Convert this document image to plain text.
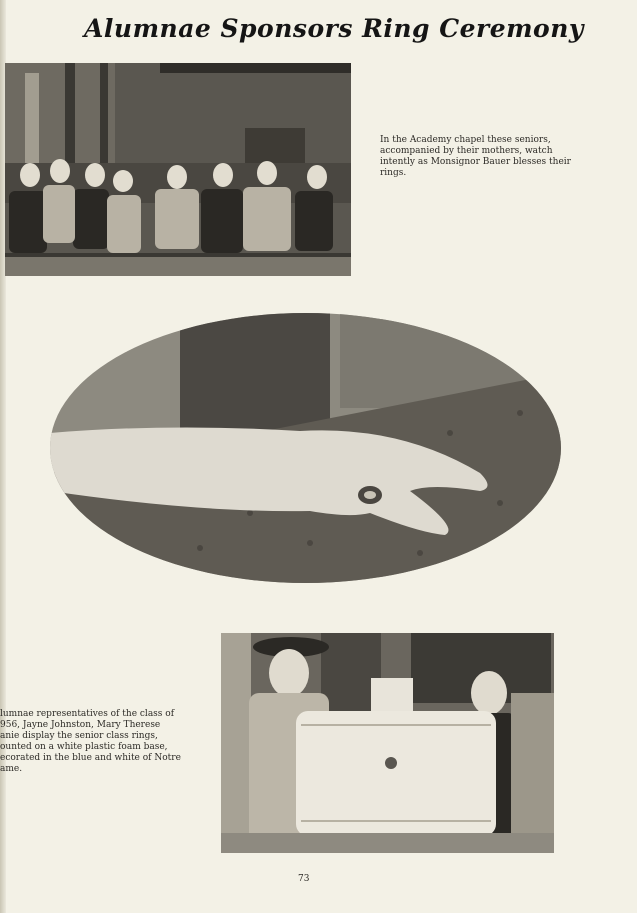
Alumnae Sponsors Ring Ceremony
In the Academy chapel these seniors,
accompanied by their mothers, watch
intently as Monsignor Bauer blesses their
rings.
lumnae representatives of the class of
956, Jayne Johnston, Mary Therese
anie display the senior class rings,
ounted on a white plastic foam base,
ecorated in the blue and white of Notre
ame.
73
